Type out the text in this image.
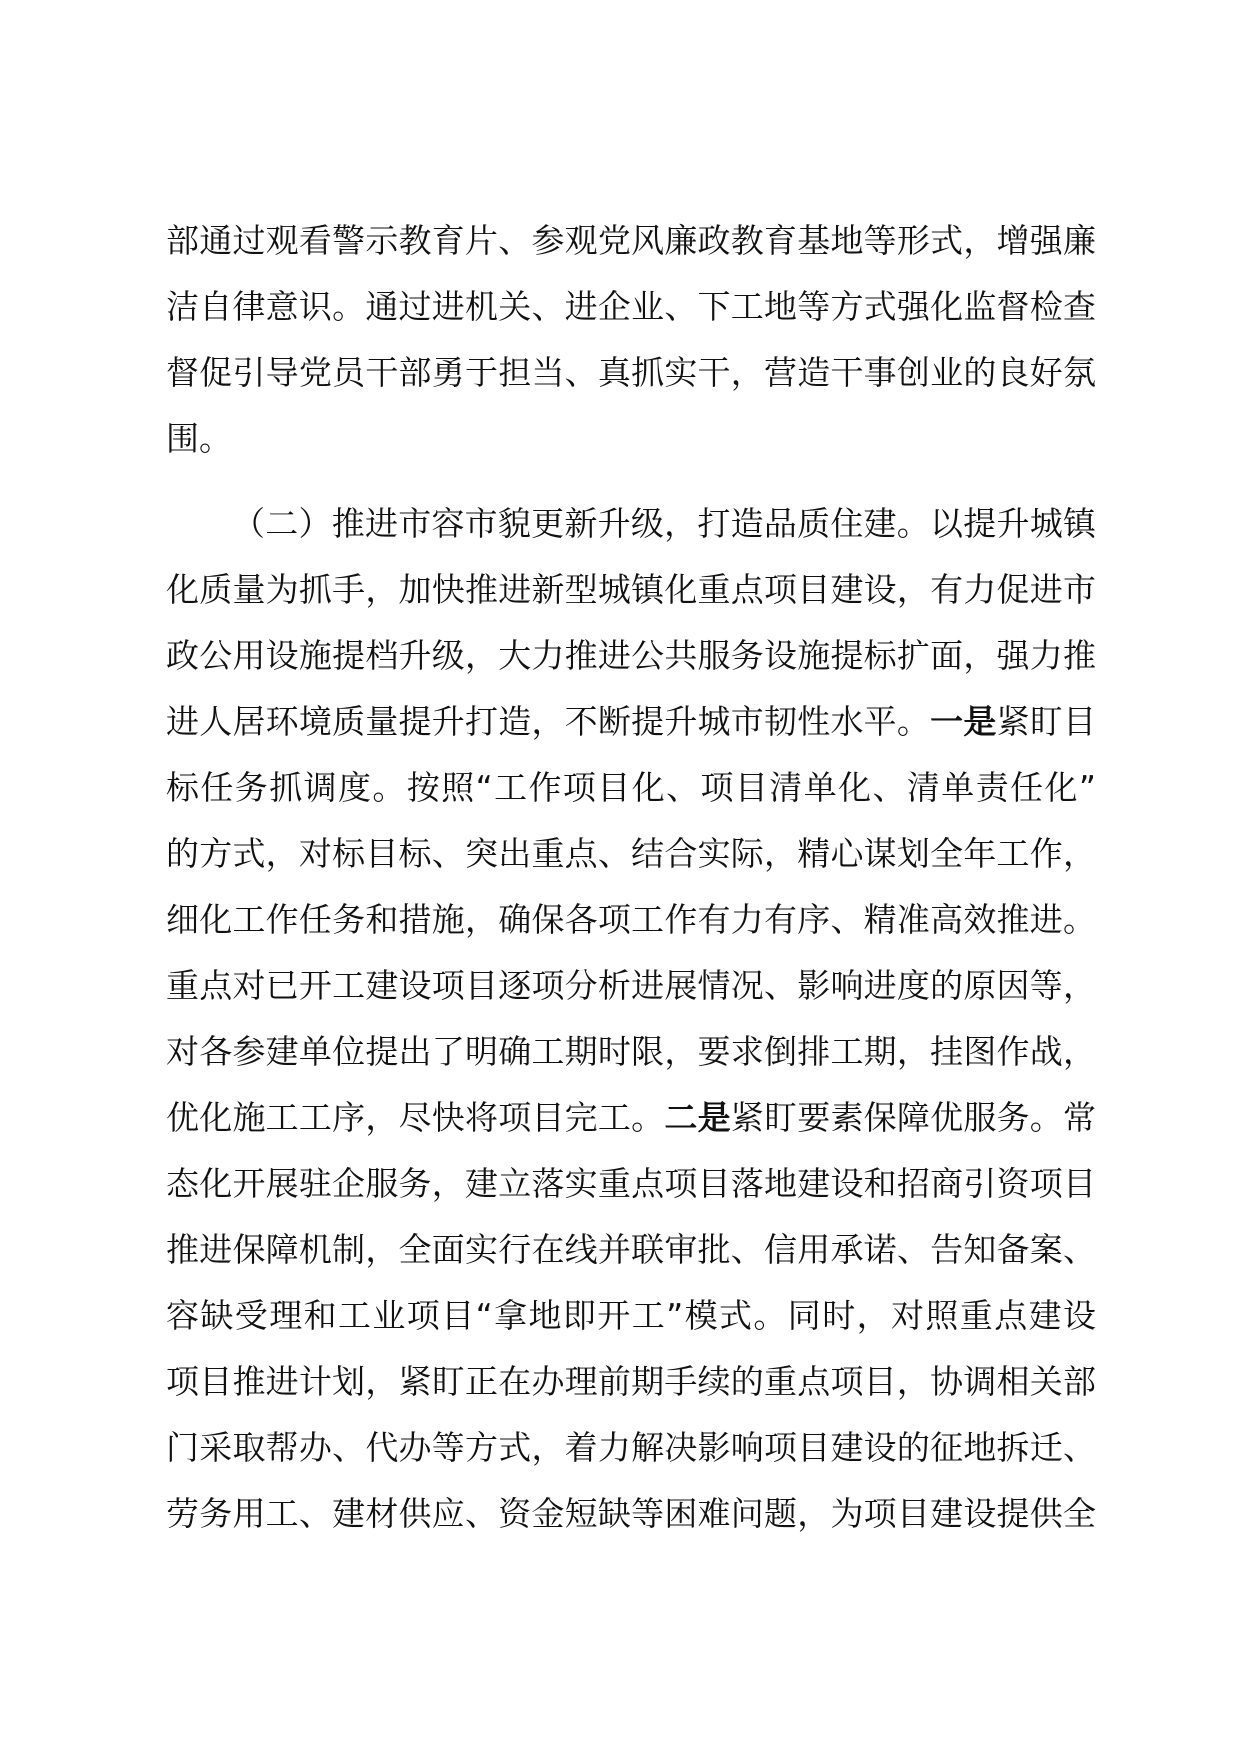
部通过观看警示教育片、参观党风廉政教育基地等形式，增强廉
洁自律意识。通过进机关、进企业、下工地等方式强化监督检查
督促引导党员干部勇于担当、真抓实干，营造干事创业的良好氛
围。
（二）推进市容市貌更新升级，打造品质住建。以提升城镇
化质量为抓手，加快推进新型城镇化重点项目建设，有力促进市
政公用设施提档升级，大力推进公共服务设施提标扩面，强力推
进人居环境质量提升打造，不断提升城市韧性水平。一是紧盯目
标任务抓调度。按照“工作项目化、项目清单化、清单责任化”
的方式，对标目标、突出重点、结合实际，精心谋划全年工作，
细化工作任务和措施，确保各项工作有力有序、精准高效推进。
重点对已开工建设项目逐项分析进展情况、影响进度的原因等，
对各参建单位提出了明确工期时限，要求倒排工期，挂图作战，
优化施工工序，尽快将项目完工。二是紧盯要素保障优服务。常
态化开展驻企服务，建立落实重点项目落地建设和招商引资项目
推进保障机制，全面实行在线并联审批、信用承诺、告知备案、
容缺受理和工业项目“拿地即开工”模式。同时，对照重点建设
项目推进计划，紧盯正在办理前期手续的重点项目，协调相关部
门采取帮办、代办等方式，着力解决影响项目建设的征地拆迁、
劳务用工、建材供应、资金短缺等困难问题，为项目建设提供全
